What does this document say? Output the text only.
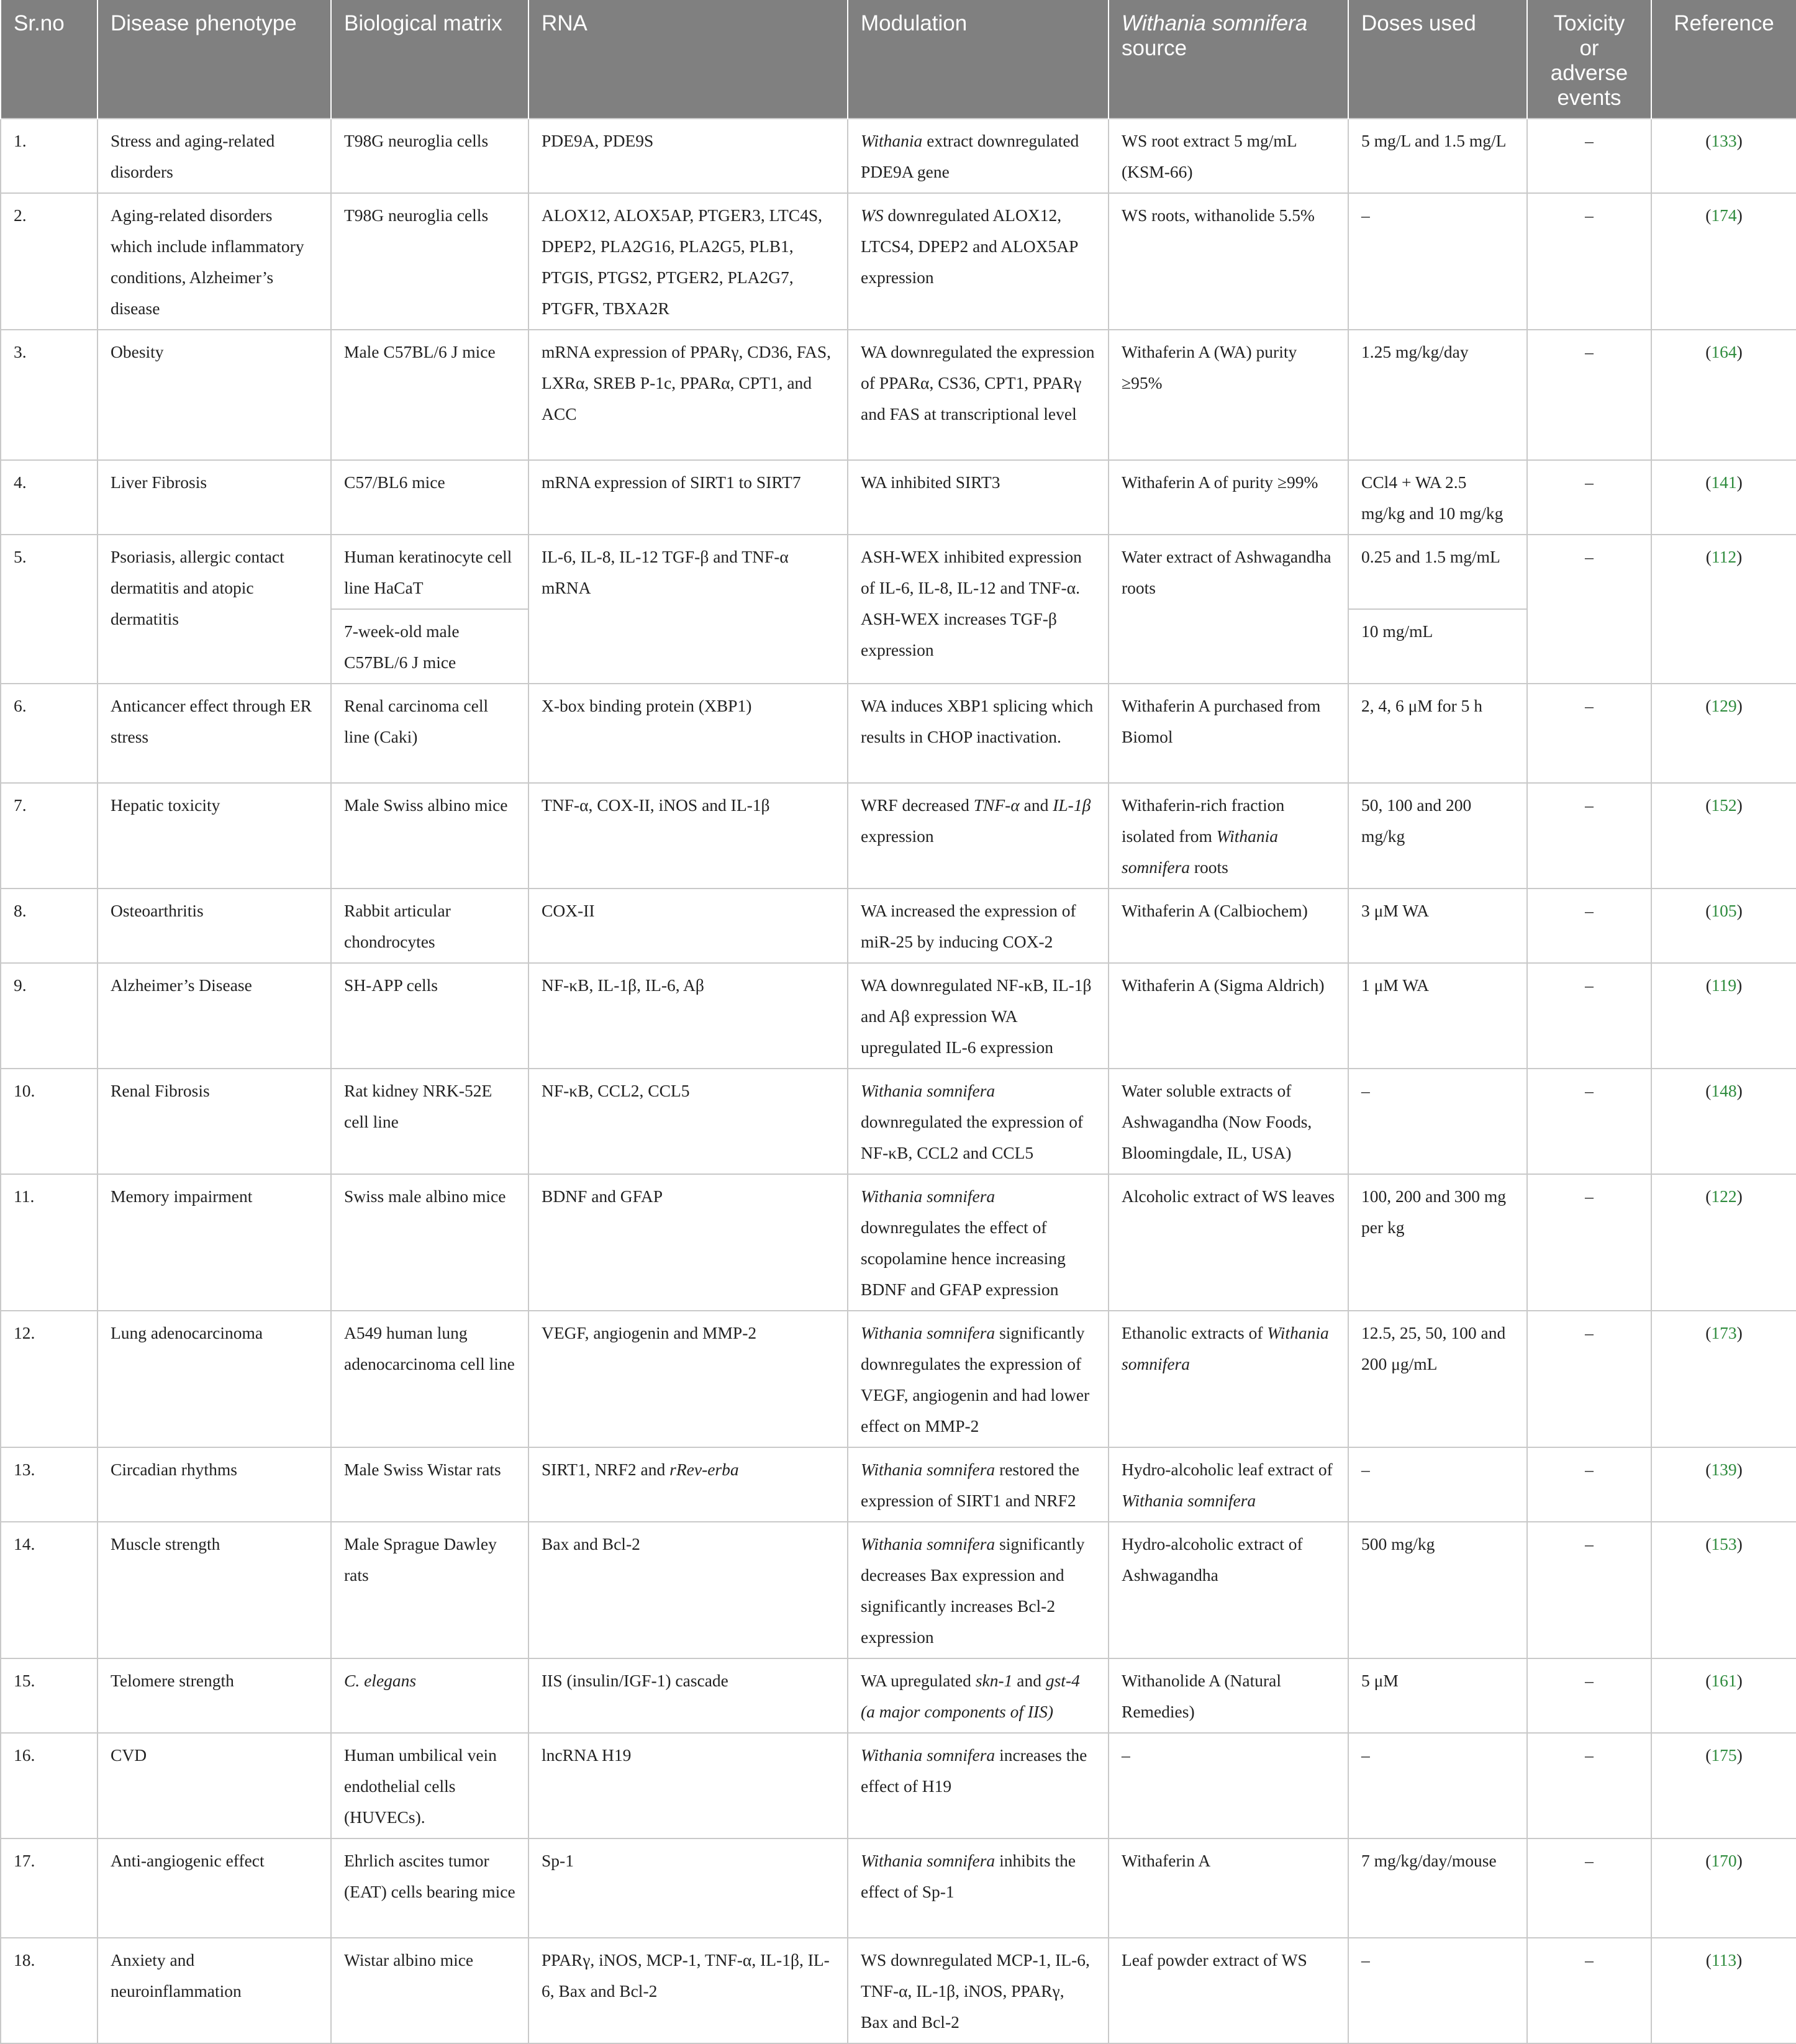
Sr.no	Disease phenotype	Biological matrix	RNA	Modulation	Withania somnifera source	Doses used	Toxicity
or
adverse
events	Reference
1.	Stress and aging-related disorders	T98G neuroglia cells	PDE9A, PDE9S	Withania extract downregulated PDE9A gene	WS root extract 5 mg/mL (KSM-66)	5 mg/L and 1.5 mg/L	–	(133)
2.	Aging-related disorders which include inflammatory conditions, Alzheimer’s disease	T98G neuroglia cells	ALOX12, ALOX5AP, PTGER3, LTC4S, DPEP2, PLA2G16, PLA2G5, PLB1, PTGIS, PTGS2, PTGER2, PLA2G7, PTGFR, TBXA2R	WS downregulated ALOX12, LTCS4, DPEP2 and ALOX5AP expression	WS roots, withanolide 5.5%	–	–	(174)
3.	Obesity	Male C57BL/6 J mice	mRNA expression of PPARγ, CD36, FAS, LXRα, SREB P-1c, PPARα, CPT1, and ACC	WA downregulated the expression of PPARα, CS36, CPT1, PPARγ and FAS at transcriptional level	Withaferin A (WA) purity ≥95%	1.25 mg/kg/day	–	(164)
4.	Liver Fibrosis	C57/BL6 mice	mRNA expression of SIRT1 to SIRT7	WA inhibited SIRT3	Withaferin A of purity ≥99%	CCl4 + WA 2.5 mg/kg and 10 mg/kg	–	(141)
5.	Psoriasis, allergic contact dermatitis and atopic dermatitis	Human keratinocyte cell line HaCaT	IL-6, IL-8, IL-12 TGF-β and TNF-α mRNA	ASH-WEX inhibited expression of IL-6, IL-8, IL-12 and TNF-α. ASH-WEX increases TGF-β expression	Water extract of Ashwagandha roots	0.25 and 1.5 mg/mL	–	(112)
		7-week-old male C57BL/6 J mice				10 mg/mL		
6.	Anticancer effect through ER stress	Renal carcinoma cell line (Caki)	X-box binding protein (XBP1)	WA induces XBP1 splicing which results in CHOP inactivation.	Withaferin A purchased from Biomol	2, 4, 6 μM for 5 h	–	(129)
7.	Hepatic toxicity	Male Swiss albino mice	TNF-α, COX-II, iNOS and IL-1β	WRF decreased TNF-α and IL-1β expression	Withaferin-rich fraction isolated from Withania somnifera roots	50, 100 and 200 mg/kg	–	(152)
8.	Osteoarthritis	Rabbit articular chondrocytes	COX-II	WA increased the expression of miR-25 by inducing COX-2	Withaferin A (Calbiochem)	3 μM WA	–	(105)
9.	Alzheimer’s Disease	SH-APP cells	NF-κB, IL-1β, IL-6, Aβ	WA downregulated NF-κB, IL-1β and Aβ expression WA upregulated IL-6 expression	Withaferin A (Sigma Aldrich)	1 μM WA	–	(119)
10.	Renal Fibrosis	Rat kidney NRK-52E cell line	NF-κB, CCL2, CCL5	Withania somnifera downregulated the expression of NF-κB, CCL2 and CCL5	Water soluble extracts of Ashwagandha (Now Foods, Bloomingdale, IL, USA)	–	–	(148)
11.	Memory impairment	Swiss male albino mice	BDNF and GFAP	Withania somnifera downregulates the effect of scopolamine hence increasing BDNF and GFAP expression	Alcoholic extract of WS leaves	100, 200 and 300 mg per kg	–	(122)
12.	Lung adenocarcinoma	A549 human lung adenocarcinoma cell line	VEGF, angiogenin and MMP-2	Withania somnifera significantly downregulates the expression of VEGF, angiogenin and had lower effect on MMP-2	Ethanolic extracts of Withania somnifera	12.5, 25, 50, 100 and 200 μg/mL	–	(173)
13.	Circadian rhythms	Male Swiss Wistar rats	SIRT1, NRF2 and rRev-erba	Withania somnifera restored the expression of SIRT1 and NRF2	Hydro-alcoholic leaf extract of Withania somnifera	–	–	(139)
14.	Muscle strength	Male Sprague Dawley rats	Bax and Bcl-2	Withania somnifera significantly decreases Bax expression and significantly increases Bcl-2 expression	Hydro-alcoholic extract of Ashwagandha	500 mg/kg	–	(153)
15.	Telomere strength	C. elegans	IIS (insulin/IGF-1) cascade	WA upregulated skn-1 and gst-4 (a major components of IIS)	Withanolide A (Natural Remedies)	5 μM	–	(161)
16.	CVD	Human umbilical vein endothelial cells (HUVECs).	lncRNA H19	Withania somnifera increases the effect of H19	–	–	–	(175)
17.	Anti-angiogenic effect	Ehrlich ascites tumor (EAT) cells bearing mice	Sp-1	Withania somnifera inhibits the effect of Sp-1	Withaferin A	7 mg/kg/day/mouse	–	(170)
18.	Anxiety and neuroinflammation	Wistar albino mice	PPARγ, iNOS, MCP-1, TNF-α, IL-1β, IL-6, Bax and Bcl-2	WS downregulated MCP-1, IL-6, TNF-α, IL-1β, iNOS, PPARγ, Bax and Bcl-2	Leaf powder extract of WS	–	–	(113)
